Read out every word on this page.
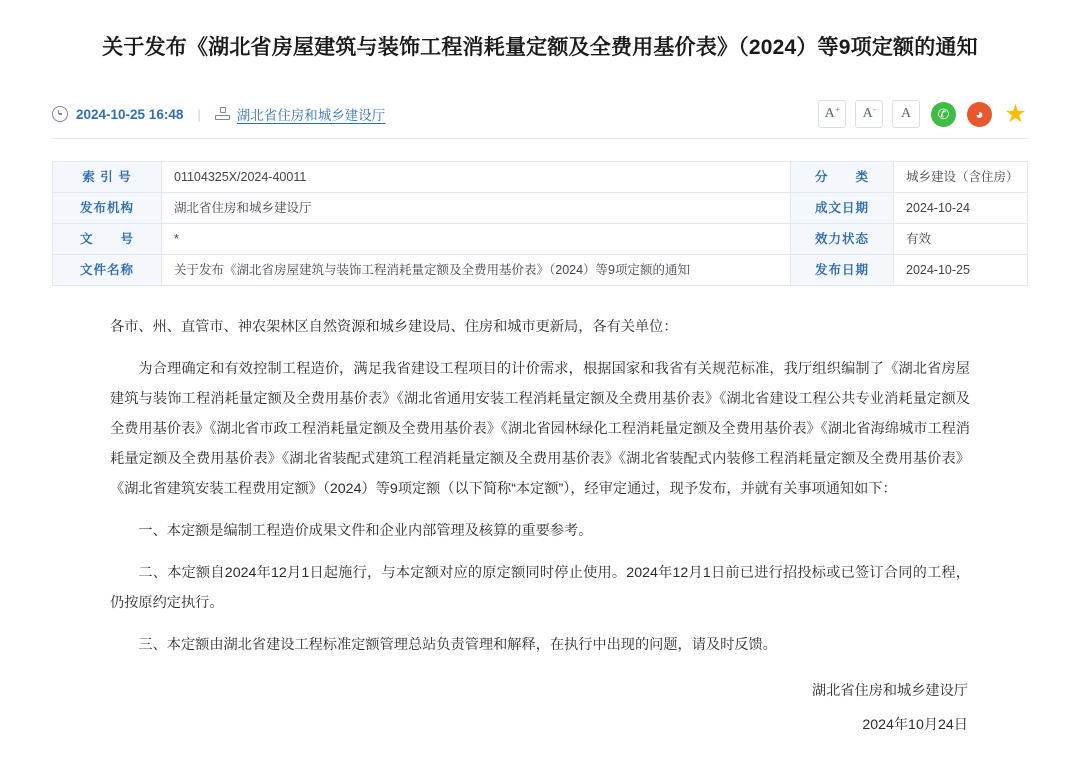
关于发布《湖北省房屋建筑与装饰工程消耗量定额及全费用基价表》（2024）等9项定额的通知
2024-10-25 16:48 |	湖北省住房和城乡建设厅	A+ A- A ✆ ◕ ★
索 引 号	01104325X/2024-40011	分　　类	城乡建设（含住房）
发布机构	湖北省住房和城乡建设厅	成文日期	2024-10-24
文　　号	*	效力状态	有效
文件名称	关于发布《湖北省房屋建筑与装饰工程消耗量定额及全费用基价表》（2024）等9项定额的通知	发布日期	2024-10-25

各市、州、直管市、神农架林区自然资源和城乡建设局、住房和城市更新局，各有关单位：

为合理确定和有效控制工程造价，满足我省建设工程项目的计价需求，根据国家和我省有关规范标准，我厅组织编制了《湖北省房屋建筑与装饰工程消耗量定额及全费用基价表》《湖北省通用安装工程消耗量定额及全费用基价表》《湖北省建设工程公共专业消耗量定额及全费用基价表》《湖北省市政工程消耗量定额及全费用基价表》《湖北省园林绿化工程消耗量定额及全费用基价表》《湖北省海绵城市工程消耗量定额及全费用基价表》《湖北省装配式建筑工程消耗量定额及全费用基价表》《湖北省装配式内装修工程消耗量定额及全费用基价表》《湖北省建筑安装工程费用定额》（2024）等9项定额（以下简称“本定额”），经审定通过，现予发布，并就有关事项通知如下：

一、本定额是编制工程造价成果文件和企业内部管理及核算的重要参考。

二、本定额自2024年12月1日起施行，与本定额对应的原定额同时停止使用。2024年12月1日前已进行招投标或已签订合同的工程，仍按原约定执行。

三、本定额由湖北省建设工程标准定额管理总站负责管理和解释，在执行中出现的问题，请及时反馈。

湖北省住房和城乡建设厅
2024年10月24日
